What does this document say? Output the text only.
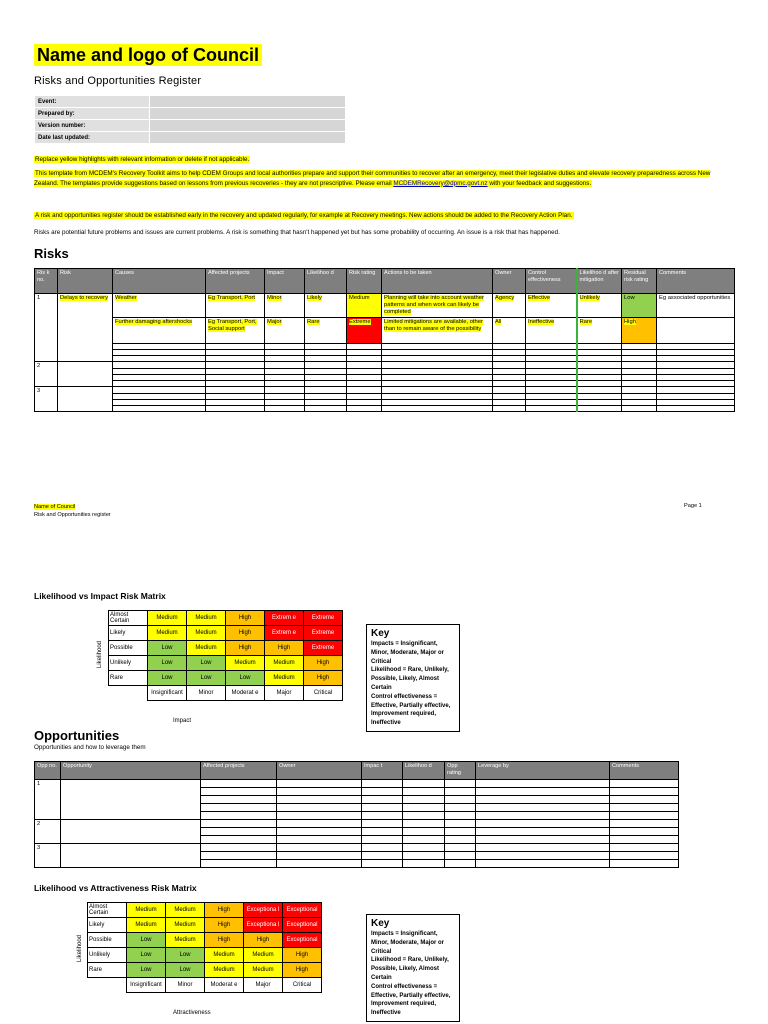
Name and logo of Council
Risks and Opportunities Register
Event:	
Prepared by:	
Version number:	
Date last updated:	
Replace yellow highlights with relevant information or delete if not applicable.
This template from MCDEM's Recovery Toolkit aims to help CDEM Groups and local authorities prepare and support their communities to recover after an emergency, meet their legislative duties and elevate recovery preparedness across New Zealand. The templates provide suggestions based on lessons from previous recoveries - they are not prescriptive. Please email MCDEMRecovery@dpmc.govt.nz with your feedback and suggestions.
A risk and opportunities register should be established early in the recovery and updated regularly, for example at Recovery meetings. New actions should be added to the Recovery Action Plan.
Risks are potential future problems and issues are current problems. A risk is something that hasn't happened yet but has some probability of occurring. An issue is a risk that has happened.
Risks
Ris k no.	Risk	Causes	Affected projects	Impact	Likelihoo d	Risk rating	Actions to be taken	Owner	Control effectiveness	Likelihoo d after mitigation	Residual risk rating	Comments
1	Delays to recovery	Weather	Eg Transport, Port	Minor	Likely	Medium	Planning will take into account weather patterns and when work can likely be completed	Agency	Effective	Unlikely	Low	Eg associated opportunities
		Further damaging aftershocks	Eg Transport, Port, Social support	Major	Rare	Extreme	Limited mitigations are available, other than to remain aware of the possibility	All	Ineffective	Rare	High	

2												

3												

Name of Council
Risk and Opportunities register
Page 1
Likelihood vs Impact Risk Matrix
Likelihood
Almost Certain	Medium	Medium	High	Extrem e	Extreme
Likely	Medium	Medium	High	Extrem e	Extreme
Possible	Low	Medium	High	High	Extreme
Unlikely	Low	Low	Medium	Medium	High
Rare	Low	Low	Low	Medium	High
	Insignificant	Minor	Moderat e	Major	Critical
Impact
Key
Impacts = Insignificant, Minor, Moderate, Major or Critical
Likelihood = Rare, Unlikely, Possible, Likely, Almost Certain
Control effectiveness = Effective, Partially effective, Improvement required, Ineffective
Opportunities
Opportunities and how to leverage them
Opp no.	Opportunity	Affected projects	Owner	Impac t	Likelihoo d	Opp rating	Leverage by	Comments
1								

2								

3								

Likelihood vs Attractiveness Risk Matrix
Likelihood
Almost Certain	Medium	Medium	High	Exceptiona l	Exceptional
Likely	Medium	Medium	High	Exceptiona l	Exceptional
Possible	Low	Medium	High	High	Exceptional
Unlikely	Low	Low	Medium	Medium	High
Rare	Low	Low	Medium	Medium	High
	Insignificant	Minor	Moderat e	Major	Critical
Attractiveness
Key
Impacts = Insignificant, Minor, Moderate, Major or Critical
Likelihood = Rare, Unlikely, Possible, Likely, Almost Certain
Control effectiveness = Effective, Partially effective, Improvement required, Ineffective
